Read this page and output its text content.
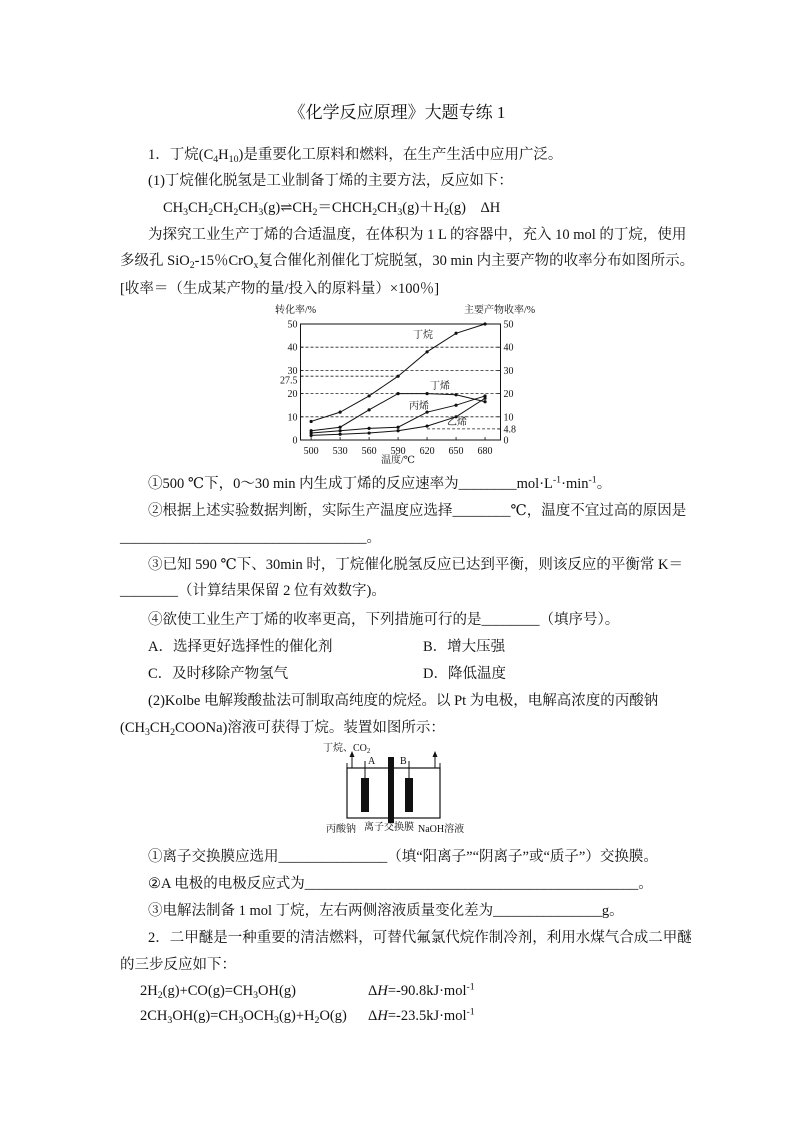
《化学反应原理》大题专练 1
1．丁烷$(C_4H_{10})$是重要化工原料和燃料，在生产生活中应用广泛。
(1)丁烷催化脱氢是工业制备丁烯的主要方法，反应如下：
$CH_3CH_2CH_2CH_3(g)\rightleftharpoons CH_2=CHCH_2CH_3(g)+H_2(g)$　ΔH
为探究工业生产丁烯的合适温度，在体积为 1 L 的容器中，充入 10 mol 的丁烷，使用
多级孔 SiO$_2$-15％CrO$_x$复合催化剂催化丁烷脱氢，30 min 内主要产物的收率分布如图所示。
[收率＝（生成某产物的量/投入的原料量）×100％]
0
10
20
27.5
30
40
50
0
4.8
10
20
30
40
50
500 530 560 590 620 650 680
转化率/%	主要产物收率/%
温度/℃
丁烷
丁烯
丙烯
乙烯
①500 ℃下，0～30 min 内生成丁烯的反应速率为$\_\_\_\_\_\_\_\_mol\cdot L^{-1}\cdot\min^{-1}$。
②根据上述实验数据判断，实际生产温度应选择________℃，温度不宜过高的原因是
__________________________________。
③已知 590 ℃下、30min 时，丁烷催化脱氢反应已达到平衡，则该反应的平衡常 K＝
________（计算结果保留 2 位有效数字)。
④欲使工业生产丁烯的收率更高，下列措施可行的是________（填序号）。
A．选择更好选择性的催化剂	B．增大压强
C．及时移除产物氢气	D．降低温度
(2)Kolbe 电解羧酸盐法可制取高纯度的烷烃。以 Pt 为电极，电解高浓度的丙酸钠
$(CH_3CH_2COONa)$溶液可获得丁烷。装置如图所示：
丁烷、$CO_2$
A B
丙酸钠 离子交换膜 NaOH溶液
①离子交换膜应选用_______________（填“阳离子”“阴离子”或“质子”）交换膜。
②A 电极的电极反应式为______________________________________________。
③电解法制备 1 mol 丁烷，左右两侧溶液质量变化差为_______________g。
2．二甲醚是一种重要的清洁燃料，可替代氟氯代烷作制冷剂，利用水煤气合成二甲醚
的三步反应如下：
$2H_2(g)+CO(g)=CH_3OH(g)$	ΔH=-90.8kJ·mol$^{-1}$
$2CH_3OH(g)=CH_3OCH_3(g)+H_2O(g)$ ΔH=-23.5kJ·mol$^{-1}$
